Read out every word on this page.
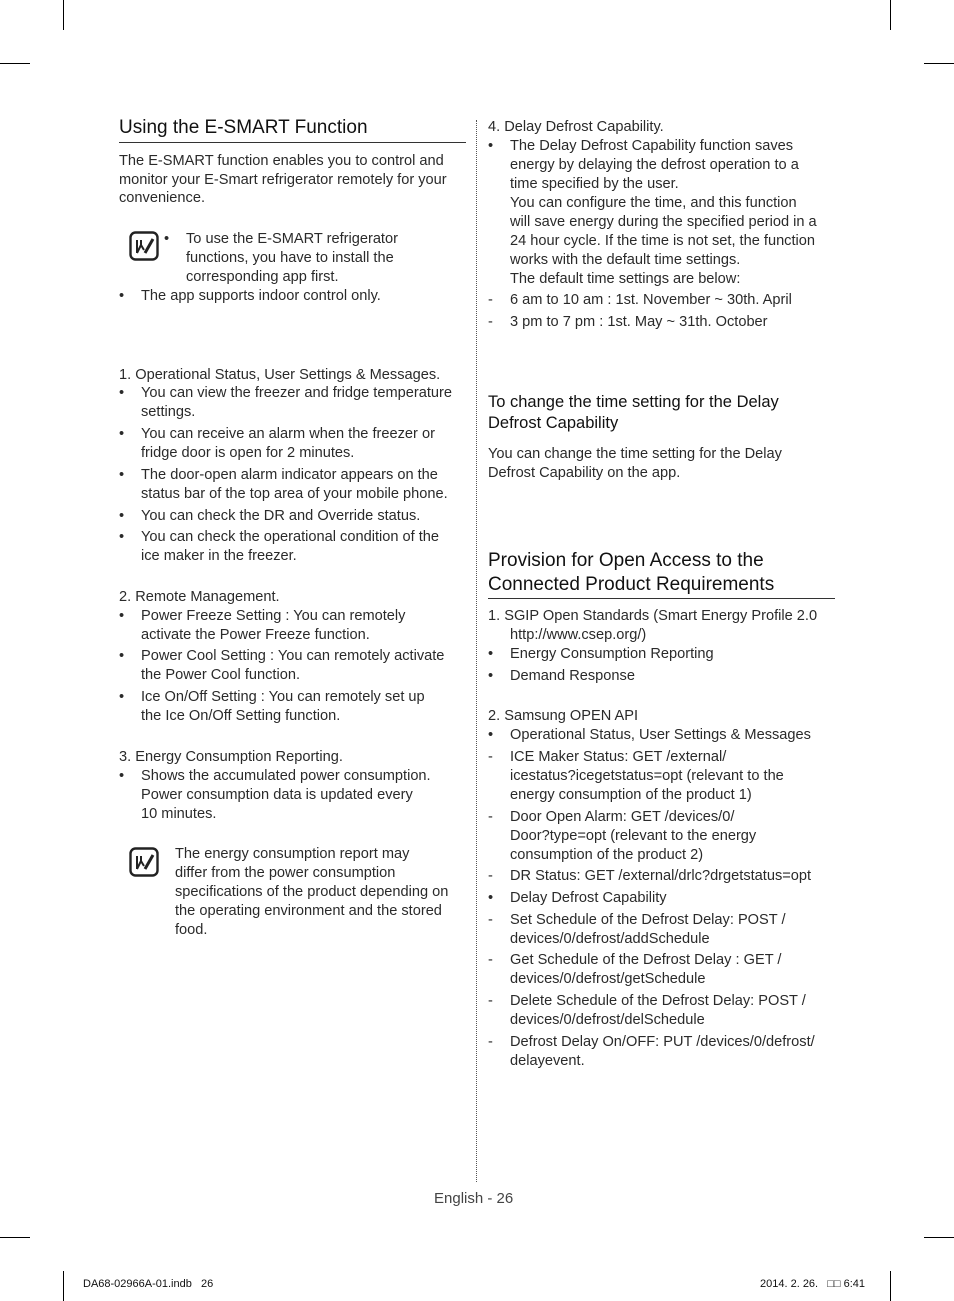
Using the E-SMART Function
The E-SMART function enables you to control and
monitor your E-Smart refrigerator remotely for your
convenience.
• To use the E-SMART refrigerator
functions, you have to install the
corresponding app first.
• The app supports indoor control only.
1. Operational Status, User Settings & Messages.
• You can view the freezer and fridge temperature
settings.
• You can receive an alarm when the freezer or
fridge door is open for 2 minutes.
• The door-open alarm indicator appears on the
status bar of the top area of your mobile phone.
• You can check the DR and Override status.
• You can check the operational condition of the
ice maker in the freezer.
2. Remote Management.
• Power Freeze Setting : You can remotely
activate the Power Freeze function.
• Power Cool Setting : You can remotely activate
the Power Cool function.
• Ice On/Off Setting : You can remotely set up
the Ice On/Off Setting function.
3. Energy Consumption Reporting.
• Shows the accumulated power consumption.
Power consumption data is updated every
10 minutes.
The energy consumption report may
differ from the power consumption
specifications of the product depending on
the operating environment and the stored
food.
4. Delay Defrost Capability.
• The Delay Defrost Capability function saves
energy by delaying the defrost operation to a
time specified by the user.
You can configure the time, and this function
will save energy during the specified period in a
24 hour cycle. If the time is not set, the function
works with the default time settings.
The default time settings are below:
- 6 am to 10 am : 1st. November ~ 30th. April
- 3 pm to 7 pm : 1st. May ~ 31th. October
To change the time setting for the Delay
Defrost Capability
You can change the time setting for the Delay
Defrost Capability on the app.
Provision for Open Access to the
Connected Product Requirements
1. SGIP Open Standards (Smart Energy Profile 2.0
http://www.csep.org/)
• Energy Consumption Reporting
• Demand Response
2. Samsung OPEN API
• Operational Status, User Settings & Messages
- ICE Maker Status: GET /external/
icestatus?icegetstatus=opt (relevant to the
energy consumption of the product 1)
- Door Open Alarm: GET /devices/0/
Door?type=opt (relevant to the energy
consumption of the product 2)
- DR Status: GET /external/drlc?drgetstatus=opt
• Delay Defrost Capability
- Set Schedule of the Defrost Delay: POST /
devices/0/defrost/addSchedule
- Get Schedule of the Defrost Delay : GET /
devices/0/defrost/getSchedule
- Delete Schedule of the Defrost Delay: POST /
devices/0/defrost/delSchedule
- Defrost Delay On/OFF: PUT /devices/0/defrost/
delayevent.
English - 26
DA68-02966A-01.indb   26	2014. 2. 26.   □□ 6:41
